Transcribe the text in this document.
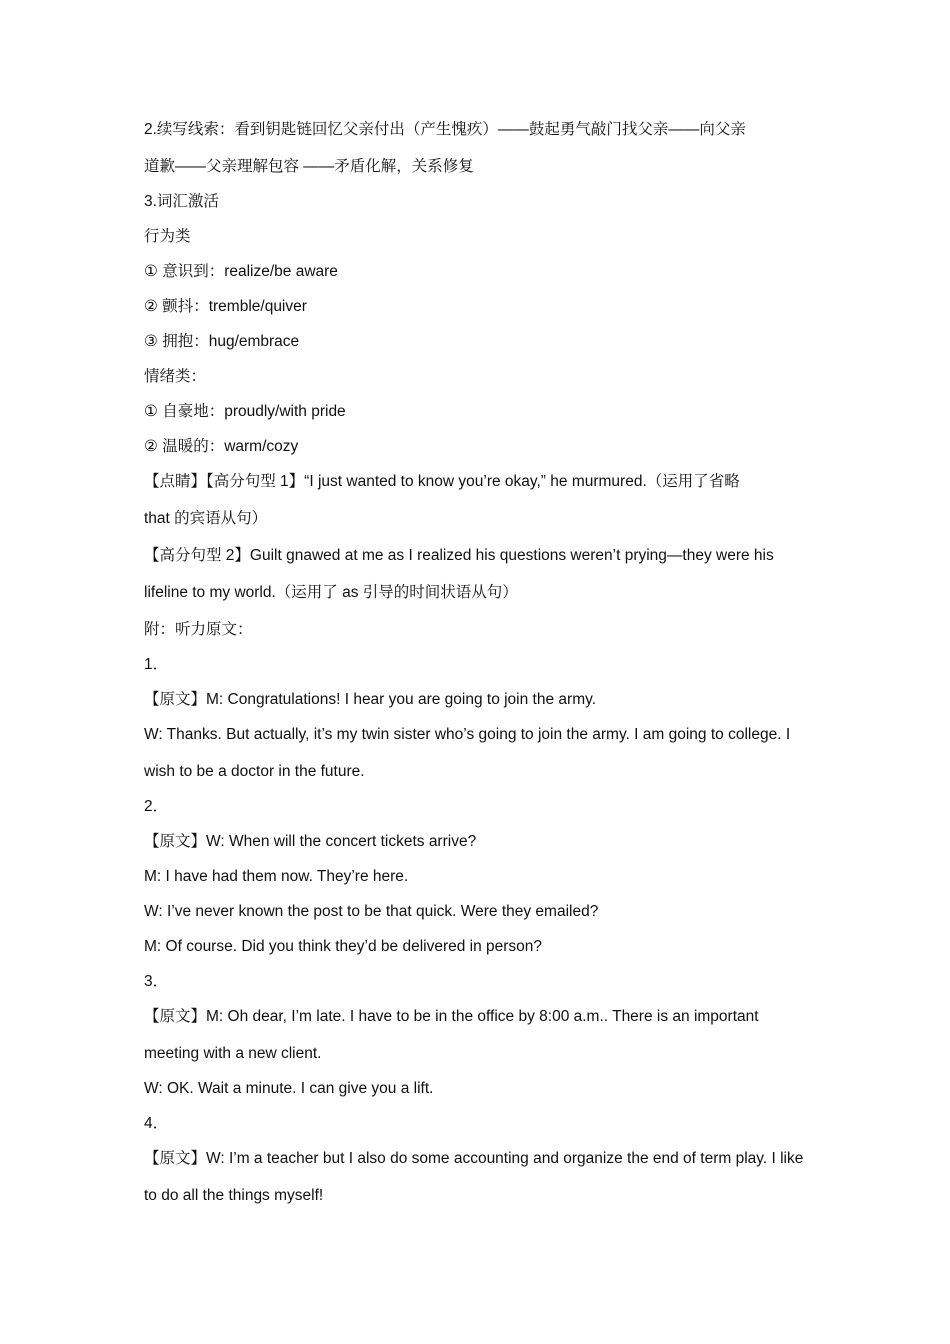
2.续写线索：看到钥匙链回忆父亲付出（产生愧疚）——鼓起勇气敲门找父亲——向父亲
道歉——父亲理解包容 ——矛盾化解，关系修复
3.词汇激活
行为类
① 意识到：realize/be aware
② 颤抖：tremble/quiver
③ 拥抱：hug/embrace
情绪类：
① 自豪地：proudly/with pride
② 温暖的：warm/cozy
【点睛】【高分句型 1】“I just wanted to know you’re okay,” he murmured.（运用了省略
that 的宾语从句）
【高分句型 2】Guilt gnawed at me as I realized his questions weren’t prying—they were his
lifeline to my world.（运用了 as 引导的时间状语从句）
附：听力原文：
1．
【原文】M: Congratulations! I hear you are going to join the army.
W: Thanks. But actually, it’s my twin sister who’s going to join the army. I am going to college. I
wish to be a doctor in the future.
2．
【原文】W: When will the concert tickets arrive?
M: I have had them now. They’re here.
W: I’ve never known the post to be that quick. Were they emailed?
M: Of course. Did you think they’d be delivered in person?
3．
【原文】M: Oh dear, I’m late. I have to be in the office by 8:00 a.m.. There is an important
meeting with a new client.
W: OK. Wait a minute. I can give you a lift.
4．
【原文】W: I’m a teacher but I also do some accounting and organize the end of term play. I like
to do all the things myself!
